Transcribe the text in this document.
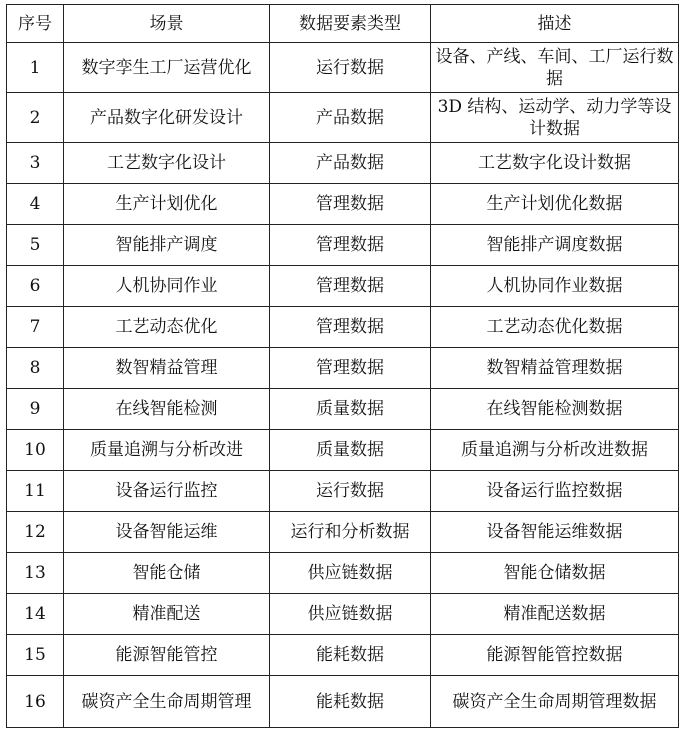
序号	场景	数据要素类型	描述
1	数字孪生工厂运营优化	运行数据	设备、产线、车间、工厂运行数据
2	产品数字化研发设计	产品数据	3D 结构、运动学、动力学等设计数据
3	工艺数字化设计	产品数据	工艺数字化设计数据
4	生产计划优化	管理数据	生产计划优化数据
5	智能排产调度	管理数据	智能排产调度数据
6	人机协同作业	管理数据	人机协同作业数据
7	工艺动态优化	管理数据	工艺动态优化数据
8	数智精益管理	管理数据	数智精益管理数据
9	在线智能检测	质量数据	在线智能检测数据
10	质量追溯与分析改进	质量数据	质量追溯与分析改进数据
11	设备运行监控	运行数据	设备运行监控数据
12	设备智能运维	运行和分析数据	设备智能运维数据
13	智能仓储	供应链数据	智能仓储数据
14	精准配送	供应链数据	精准配送数据
15	能源智能管控	能耗数据	能源智能管控数据
16	碳资产全生命周期管理	能耗数据	碳资产全生命周期管理数据
